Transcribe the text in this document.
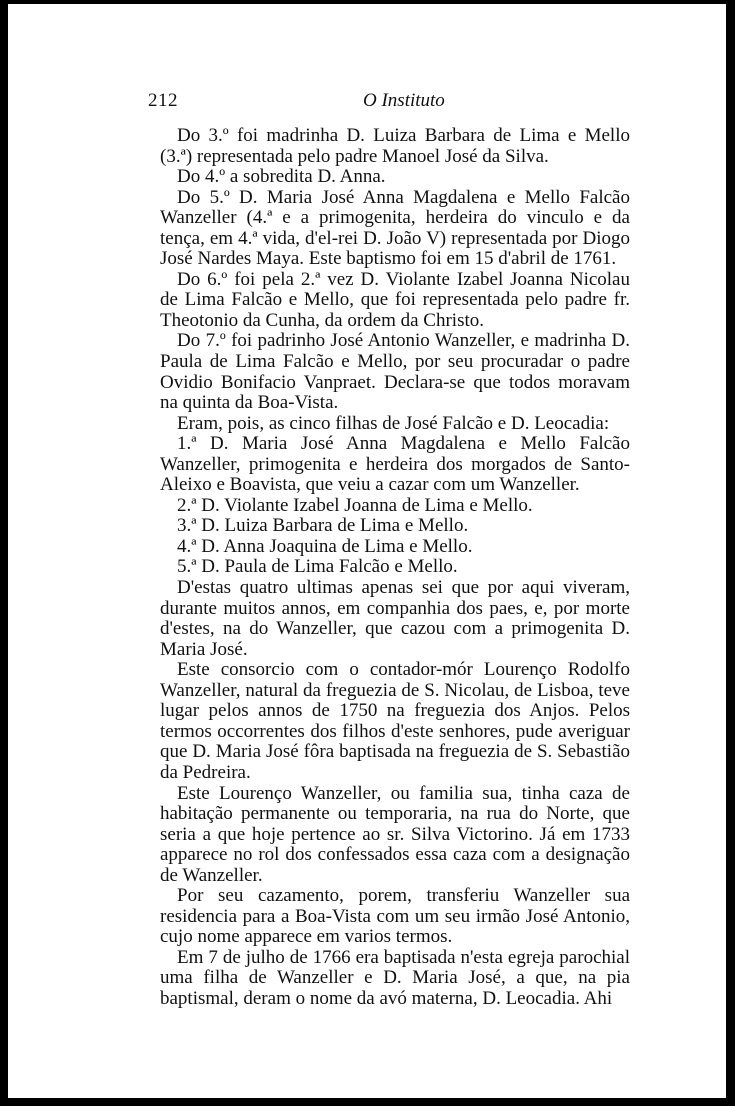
212	O Instituto

Do 3.º foi madrinha D. Luiza Barbara de Lima e Mello (3.ª) representada pelo padre Manoel José da Silva.

Do 4.º a sobredita D. Anna.

Do 5.º D. Maria José Anna Magdalena e Mello Falcão Wanzeller (4.ª e a primogenita, herdeira do vinculo e da tença, em 4.ª vida, d'el-rei D. João V) representada por Diogo José Nardes Maya. Este baptismo foi em 15 d'abril de 1761.

Do 6.º foi pela 2.ª vez D. Violante Izabel Joanna Nicolau de Lima Falcão e Mello, que foi representada pelo padre fr. Theotonio da Cunha, da ordem da Christo.

Do 7.º foi padrinho José Antonio Wanzeller, e madrinha D. Paula de Lima Falcão e Mello, por seu procuradar o padre Ovidio Bonifacio Vanpraet. Declara-se que todos moravam na quinta da Boa-Vista.

Eram, pois, as cinco filhas de José Falcão e D. Leocadia:

1.ª D. Maria José Anna Magdalena e Mello Falcão Wanzeller, primogenita e herdeira dos morgados de Santo-Aleixo e Boavista, que veiu a cazar com um Wanzeller.

2.ª D. Violante Izabel Joanna de Lima e Mello.

3.ª D. Luiza Barbara de Lima e Mello.

4.ª D. Anna Joaquina de Lima e Mello.

5.ª D. Paula de Lima Falcão e Mello.

D'estas quatro ultimas apenas sei que por aqui viveram, durante muitos annos, em companhia dos paes, e, por morte d'estes, na do Wanzeller, que cazou com a primogenita D. Maria José.

Este consorcio com o contador-mór Lourenço Rodolfo Wanzeller, natural da freguezia de S. Nicolau, de Lisboa, teve lugar pelos annos de 1750 na freguezia dos Anjos. Pelos termos occorrentes dos filhos d'este senhores, pude averiguar que D. Maria José fôra baptisada na freguezia de S. Sebastião da Pedreira.

Este Lourenço Wanzeller, ou familia sua, tinha caza de habitação permanente ou temporaria, na rua do Norte, que seria a que hoje pertence ao sr. Silva Victorino. Já em 1733 apparece no rol dos confessados essa caza com a designação de Wanzeller.

Por seu cazamento, porem, transferiu Wanzeller sua residencia para a Boa-Vista com um seu irmão José Antonio, cujo nome apparece em varios termos.

Em 7 de julho de 1766 era baptisada n'esta egreja parochial uma filha de Wanzeller e D. Maria José, a que, na pia baptismal, deram o nome da avó materna, D. Leocadia. Ahi
